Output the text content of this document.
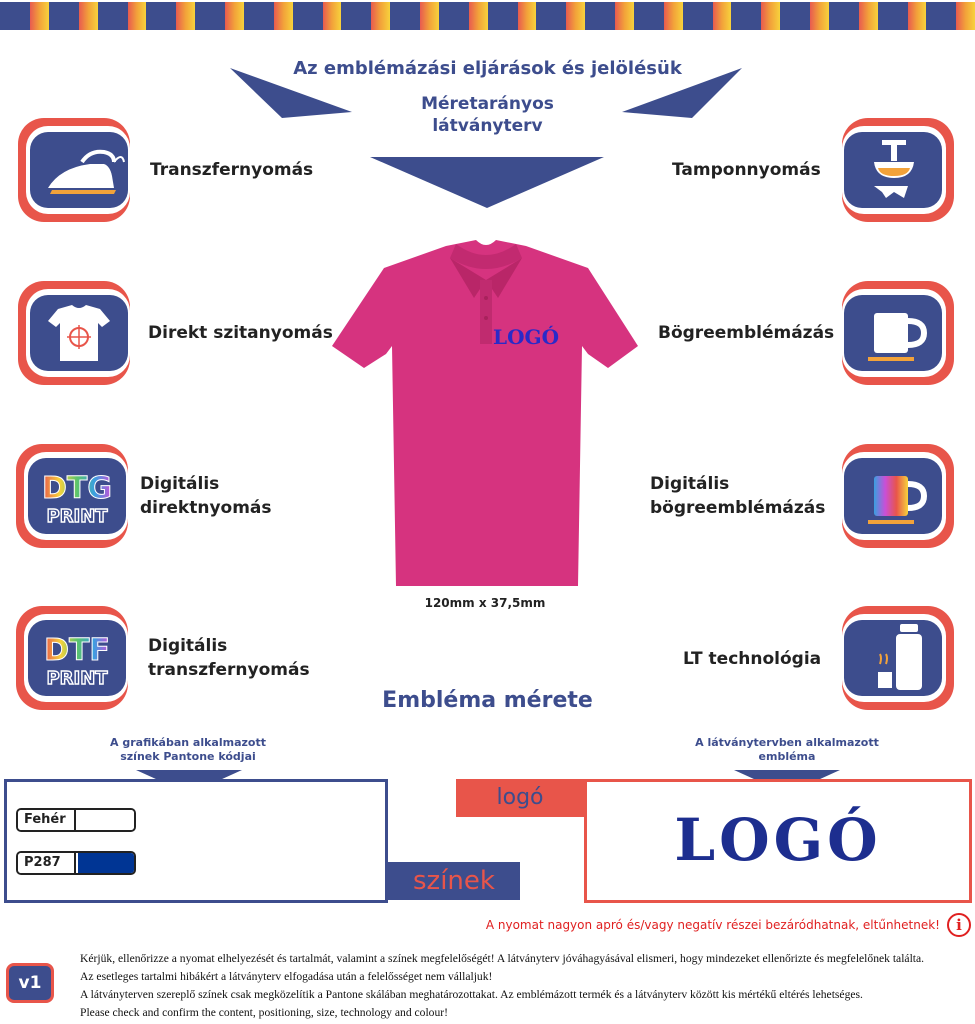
Az emblémázási eljárások és jelölésük
Méretarányos
látványterv
Transzfernyomás
Direkt szitanyomás
DTG
PRINT
Digitális
direktnyomás
DTF
PRINT
Digitális
transzfernyomás
Tamponnyomás
Bögreemblémázás
Digitális
bögreemblémázás
LT technológia
LOGÓ
120mm x 37,5mm
Embléma mérete
A grafikában alkalmazott
színek Pantone kódjai
Fehér
P287
színek
A látványtervben alkalmazott
embléma
logó
LOGÓ
A nyomat nagyon apró és/vagy negatív részei bezáródhatnak, eltűnhetnek!	i
v1
Kérjük, ellenőrizze a nyomat elhelyezését és tartalmát, valamint a színek megfelelőségét! A látványterv jóváhagyásával elismeri, hogy mindezeket ellenőrizte és megfelelőnek találta.
Az esetleges tartalmi hibákért a látványterv elfogadása után a felelősséget nem vállaljuk!
A látványterven szereplő színek csak megközelítik a Pantone skálában meghatározottakat. Az emblémázott termék és a látványterv között kis mértékű eltérés lehetséges.
Please check and confirm the content, positioning, size, technology and colour!
